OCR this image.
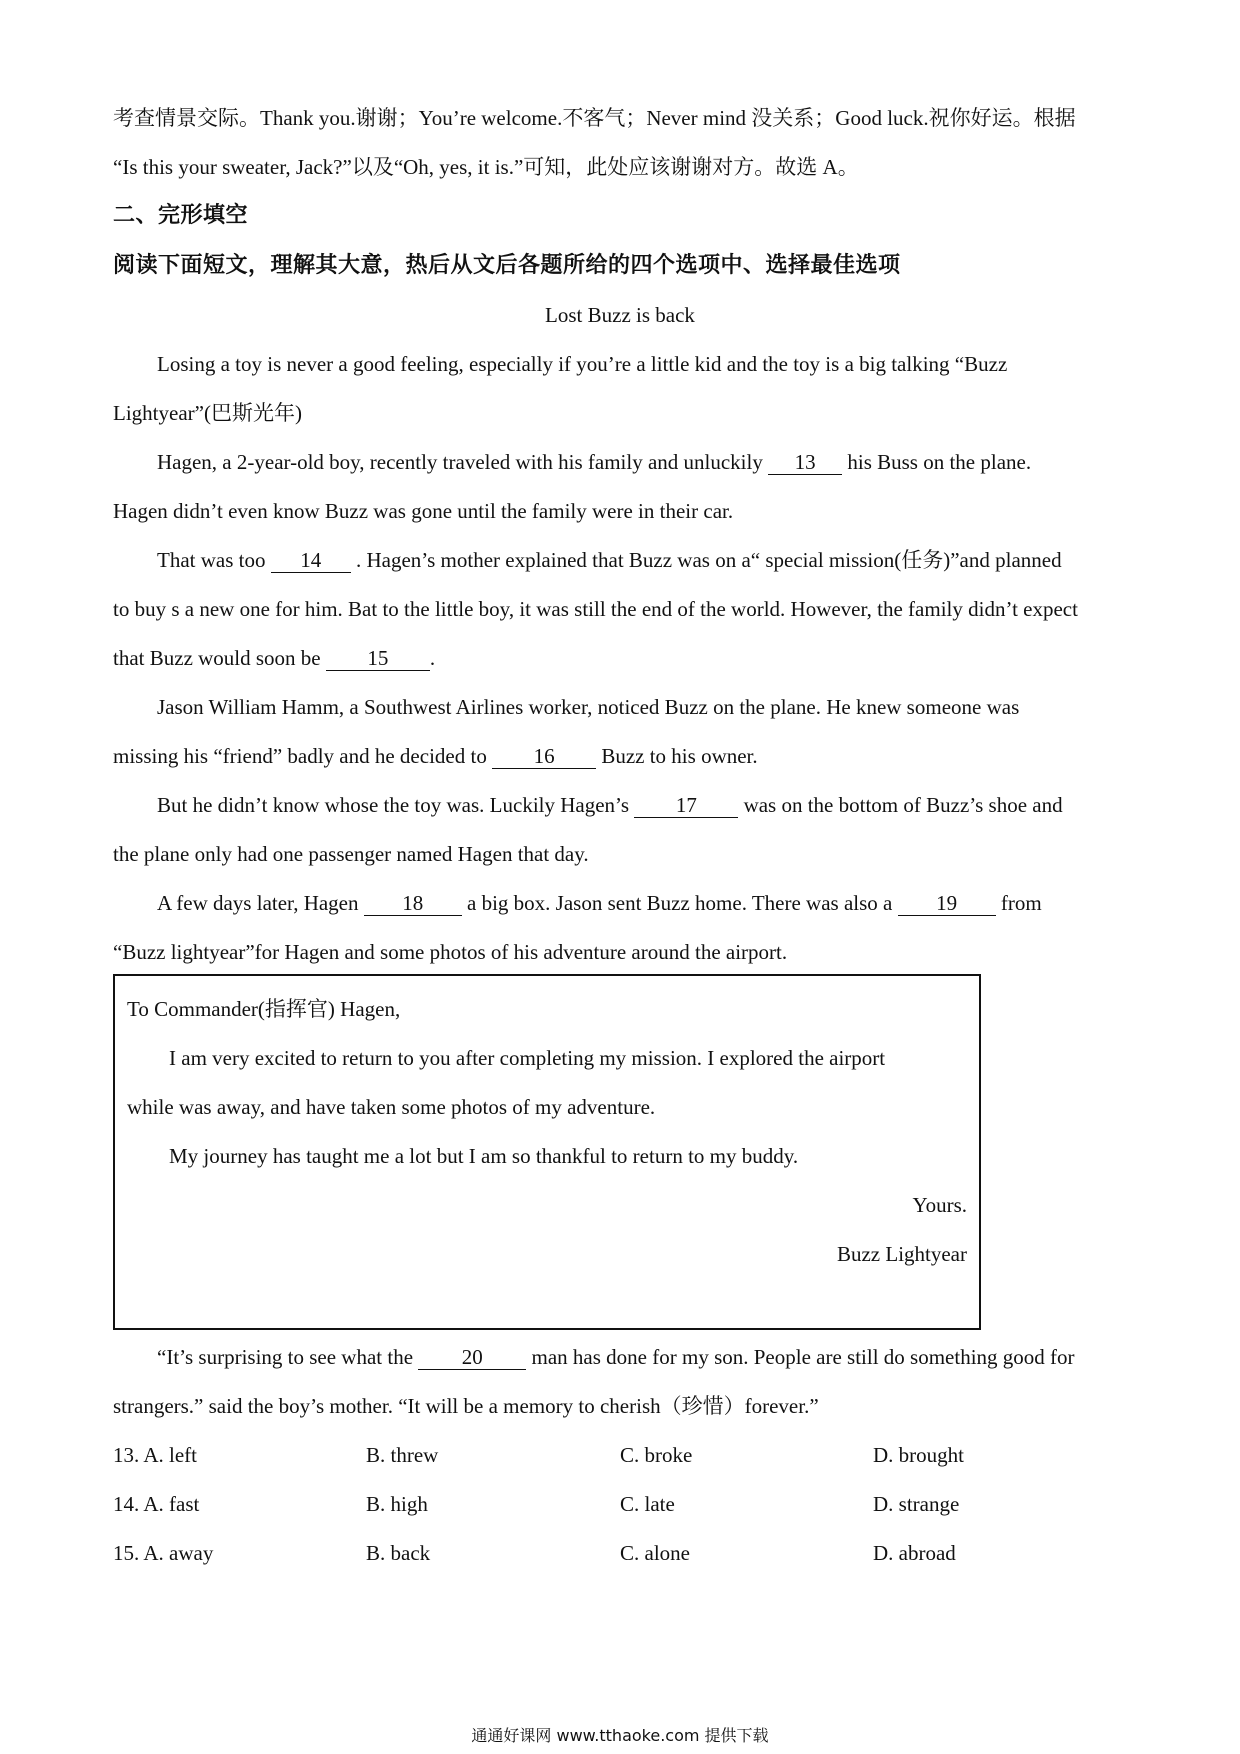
考查情景交际。Thank you.谢谢；You’re welcome.不客气；Never mind 没关系；Good luck.祝你好运。根据
“Is this your sweater, Jack?”以及“Oh, yes, it is.”可知，此处应该谢谢对方。故选 A。
二、完形填空
阅读下面短文，理解其大意，热后从文后各题所给的四个选项中、选择最佳选项
Lost Buzz is back
Losing a toy is never a good feeling, especially if you’re a little kid and the toy is a big talking “Buzz
Lightyear”(巴斯光年)
Hagen, a 2-year-old boy, recently traveled with his family and unluckily 13 his Buss on the plane.
Hagen didn’t even know Buzz was gone until the family were in their car.
That was too 14 . Hagen’s mother explained that Buzz was on a“ special mission(任务)”and planned
to buy s a new one for him. Bat to the little boy, it was still the end of the world. However, the family didn’t expect
that Buzz would soon be 15 .
Jason William Hamm, a Southwest Airlines worker, noticed Buzz on the plane. He knew someone was
missing his “friend” badly and he decided to 16 Buzz to his owner.
But he didn’t know whose the toy was. Luckily Hagen’s 17 was on the bottom of Buzz’s shoe and
the plane only had one passenger named Hagen that day.
A few days later, Hagen 18 a big box. Jason sent Buzz home. There was also a 19 from
“Buzz lightyear”for Hagen and some photos of his adventure around the airport.
To Commander(指挥官) Hagen,
I am very excited to return to you after completing my mission. I explored the airport
while was away, and have taken some photos of my adventure.
My journey has taught me a lot but I am so thankful to return to my buddy.
Yours.
Buzz Lightyear
“It’s surprising to see what the 20 man has done for my son. People are still do something good for
strangers.” said the boy’s mother. “It will be a memory to cherish（珍惜）forever.”
13. A. left	B. threw	C. broke	D. brought
14. A. fast	B. high	C. late	D. strange
15. A. away	B. back	C. alone	D. abroad
通通好课网 www.tthaoke.com 提供下载
